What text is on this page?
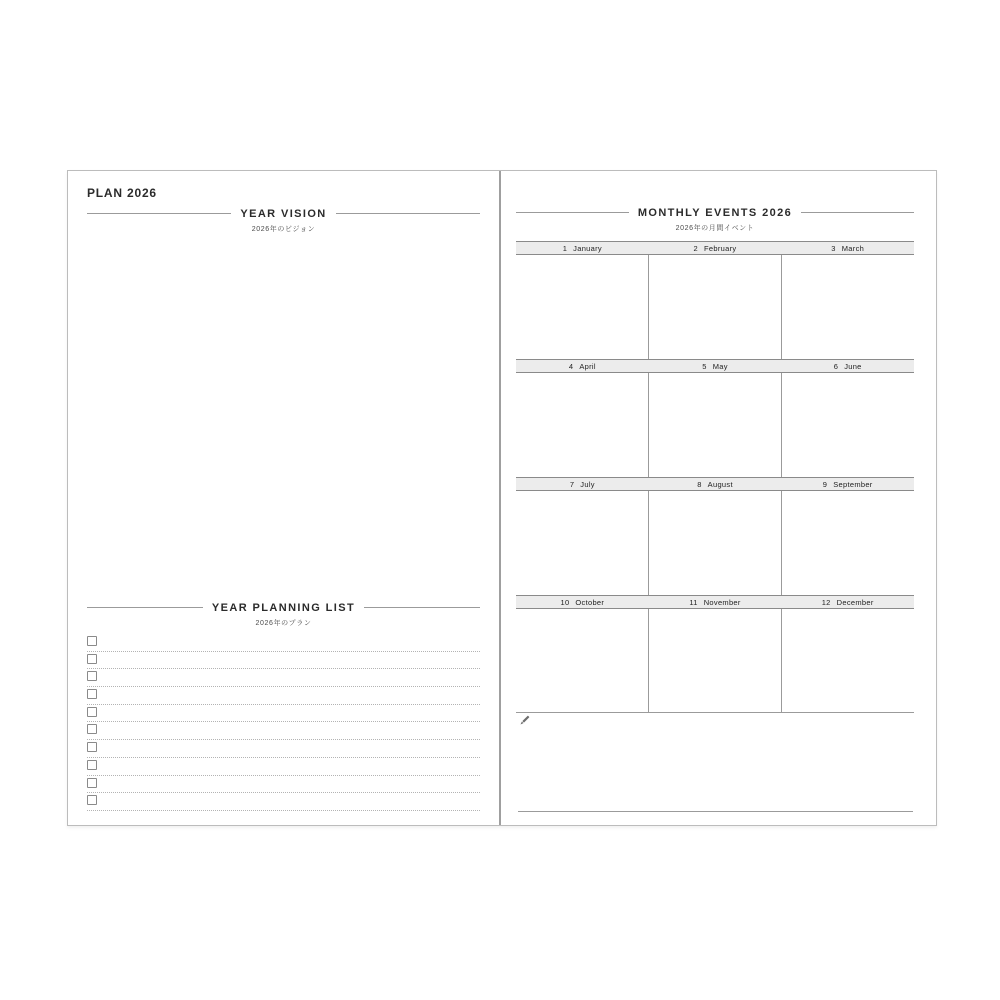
PLAN 2026
YEAR VISION
2026年のビジョン
YEAR PLANNING LIST
2026年のプラン
MONTHLY EVENTS 2026
2026年の月間イベント
1 January	2 February	3 March
4 April	5 May	6 June
7 July	8 August	9 September
10 October	11 November	12 December
